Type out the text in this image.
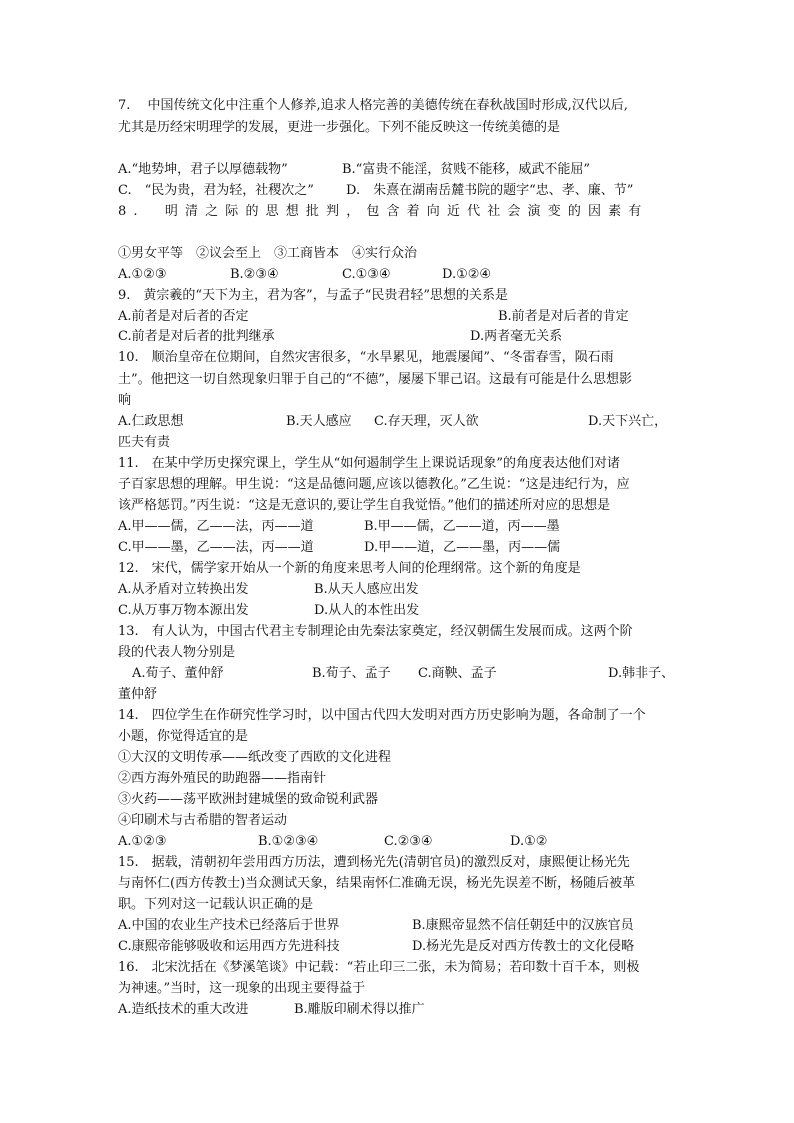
7.　 中国传统文化中注重个人修养,追求人格完善的美德传统在春秋战国时形成,汉代以后,
尤其是历经宋明理学的发展，更进一步强化。下列不能反映这一传统美德的是
A.“地势坤，君子以厚德载物”	B.“富贵不能淫，贫贱不能移，威武不能屈”
C.　“民为贵，君为轻，社稷次之” D.　朱熹在湖南岳麓书院的题字“忠、孝、廉、节”
8.　明清之际的思想批判，包含着向近代社会演变的因素有
①男女平等　②议会至上　③工商皆本　④实行众治
A.①②③	B.②③④	C.①③④	D.①②④
9.　黄宗羲的“天下为主，君为客”，与孟子“民贵君轻”思想的关系是
A.前者是对后者的否定	B.前者是对后者的肯定
C.前者是对后者的批判继承	D.两者毫无关系
10.　顺治皇帝在位期间，自然灾害很多，“水旱累见，地震屡闻”、“冬雷春雪，陨石雨
土”。他把这一切自然现象归罪于自己的“不德”，屡屡下罪己诏。这最有可能是什么思想影
响
A.仁政思想	B.天人感应 C.存天理，灭人欲	D.天下兴亡，
匹夫有责
11.　在某中学历史探究课上，学生从“如何遏制学生上课说话现象”的角度表达他们对诸
子百家思想的理解。甲生说：“这是品德问题,应该以德教化。”乙生说：“这是违纪行为，应
该严格惩罚。”丙生说：“这是无意识的,要让学生自我觉悟。”他们的描述所对应的思想是
A.甲——儒，乙——法，丙——道	B.甲——儒，乙——道，丙——墨
C.甲——墨，乙——法，丙——道	D.甲——道，乙——墨，丙——儒
12.　宋代，儒学家开始从一个新的角度来思考人间的伦理纲常。这个新的角度是
A.从矛盾对立转换出发	B.从天人感应出发
C.从万事万物本源出发	D.从人的本性出发
13.　有人认为，中国古代君主专制理论由先秦法家奠定，经汉朝儒生发展而成。这两个阶
段的代表人物分别是
A.荀子、董仲舒	B.荀子、孟子 C.商鞅、孟子	D.韩非子、
董仲舒
14.　四位学生在作研究性学习时，以中国古代四大发明对西方历史影响为题，各命制了一个
小题，你觉得适宜的是
①大汉的文明传承——纸改变了西欧的文化进程
②西方海外殖民的助跑器——指南针
③火药——荡平欧洲封建城堡的致命锐利武器
④印刷术与古希腊的智者运动
A.①②③	B.①②③④	C.②③④	D.①②
15.　据载，清朝初年尝用西方历法，遭到杨光先(清朝官员)的激烈反对，康熙便让杨光先
与南怀仁(西方传教士)当众测试天象，结果南怀仁准确无误，杨光先误差不断，杨随后被革
职。下列对这一记载认识正确的是
A.中国的农业生产技术已经落后于世界	B.康熙帝显然不信任朝廷中的汉族官员
C.康熙帝能够吸收和运用西方先进科技	D.杨光先是反对西方传教士的文化侵略
16.　北宋沈括在《梦溪笔谈》中记载：“若止印三二张，未为简易；若印数十百千本，则极
为神速。”当时，这一现象的出现主要得益于
A.造纸技术的重大改进	B.雕版印刷术得以推广
